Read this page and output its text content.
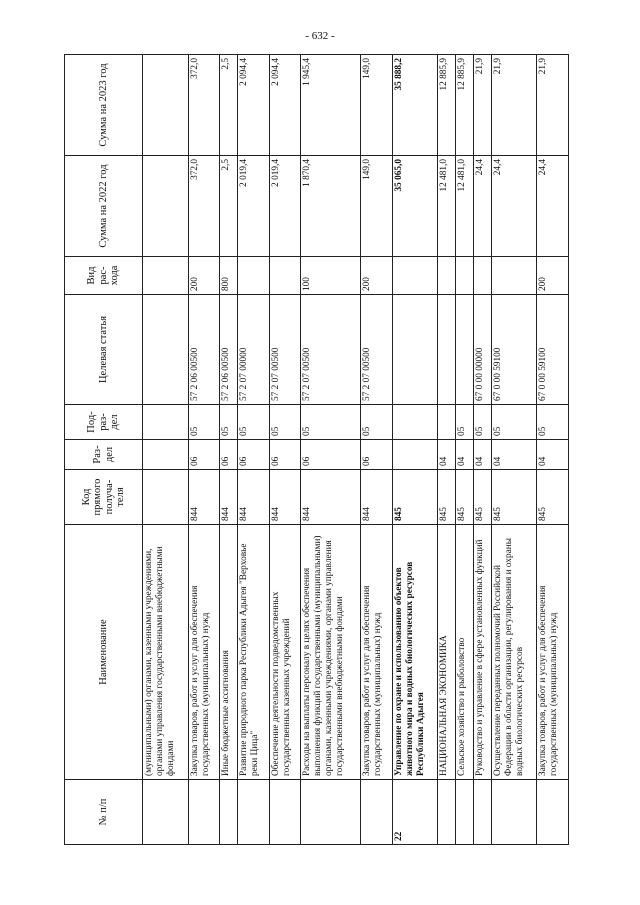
- 632 -
№ п/п	Наименование	Код прямого получа-теля	Раз-дел	Под-раз-дел	Целевая статья	Вид рас-хода	Сумма на 2022 год	Сумма на 2023 год
	(муниципальными) органами, казенными учреждениями, органами управления государственными внебюджетными фондами							
	Закупка товаров, работ и услуг для обеспечения государственных (муниципальных) нужд	844	06	05	57 2 06 00500	200	372,0	372,0
	Иные бюджетные ассигнования	844	06	05	57 2 06 00500	800	2,5	2,5
	Развитие природного парка Республики Адыгея "Верховье реки Цица"	844	06	05	57 2 07 00000		2 019,4	2 094,4
	Обеспечение деятельности подведомственных государственных казенных учреждений	844	06	05	57 2 07 00500		2 019,4	2 094,4
	Расходы на выплаты персоналу в целях обеспечения выполнения функций государственными (муниципальными) органами, казенными учреждениями, органами управления государственными внебюджетными фондами	844	06	05	57 2 07 00500	100	1 870,4	1 945,4
	Закупка товаров, работ и услуг для обеспечения государственных (муниципальных) нужд	844	06	05	57 2 07 00500	200	149,0	149,0
22	Управление по охране и использованию объектов животного мира и водных биологических ресурсов Республики Адыгея	845					35 065,0	35 888,2
	НАЦИОНАЛЬНАЯ ЭКОНОМИКА	845	04				12 481,0	12 885,9
	Сельское хозяйство и рыболовство	845	04	05			12 481,0	12 885,9
	Руководство и управление в сфере установленных функций	845	04	05	67 0 00 00000		24,4	21,9
	Осуществление переданных полномочий Российской Федерации в области организации, регулирования и охраны водных биологических ресурсов	845	04	05	67 0 00 59100		24,4	21,9
	Закупка товаров, работ и услуг для обеспечения государственных (муниципальных) нужд	845	04	05	67 0 00 59100	200	24,4	21,9
